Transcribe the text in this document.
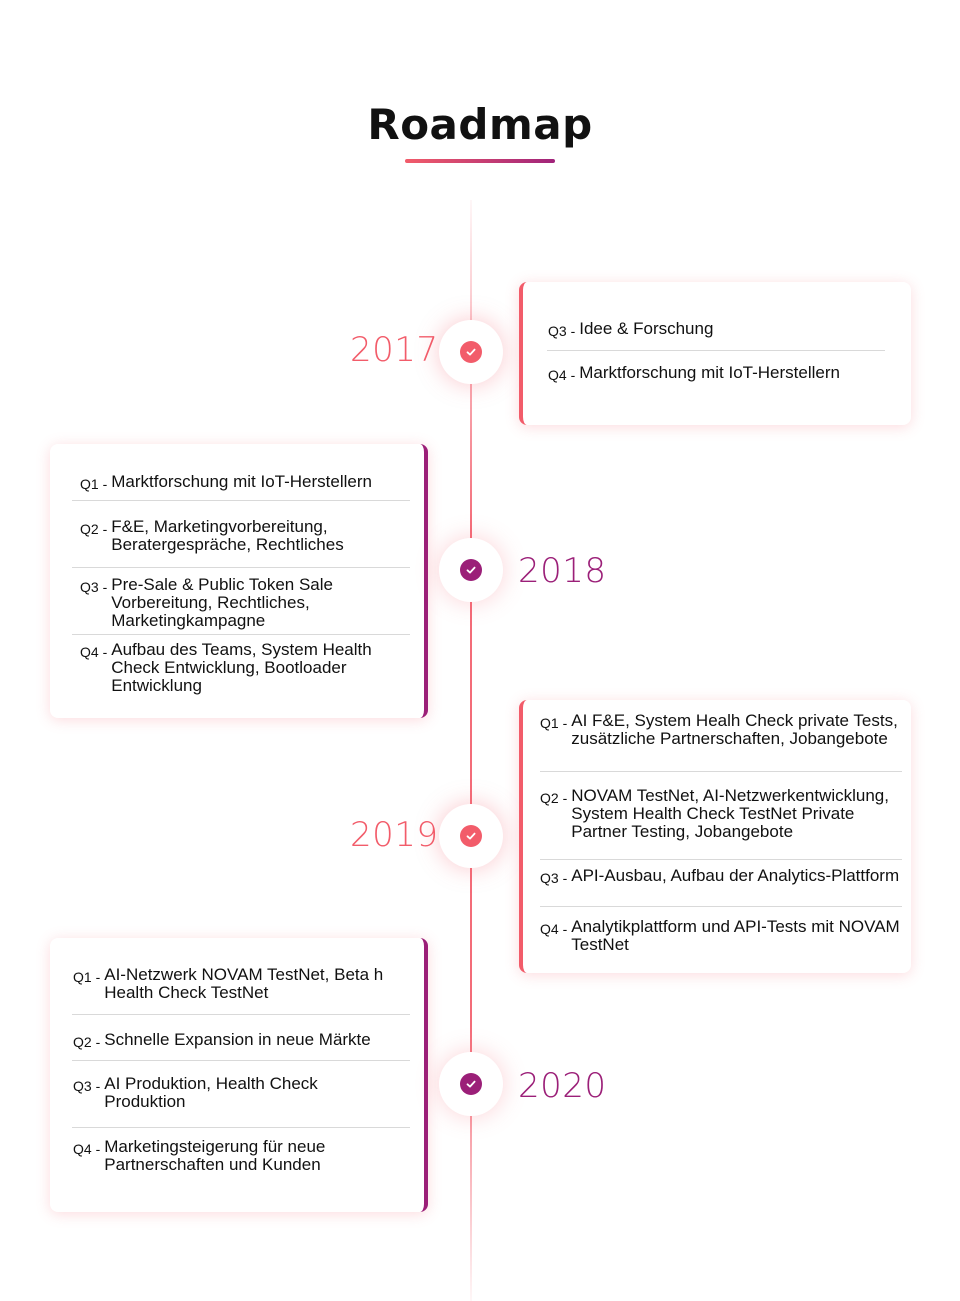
Roadmap
2017	Q3 - Idee & Forschung
Q4 - Marktforschung mit IoT-Herstellern
Q1 - Marktforschung mit IoT-Herstellern
Q2 - F&E, Marketingvorbereitung, Beratergespräche, Rechtliches
Q3 - Pre-Sale & Public Token Sale Vorbereitung, Rechtliches, Marketingkampagne
Q4 - Aufbau des Teams, System Health Check Entwicklung, Bootloader Entwicklung
2018
2019
Q1 - AI F&E, System Healh Check private Tests, zusätzliche Partnerschaften, Jobangebote
Q2 - NOVAM TestNet, AI-Netzwerkentwicklung, System Health Check TestNet Private Partner Testing, Jobangebote
Q3 - API-Ausbau, Aufbau der Analytics-Plattform
Q4 - Analytikplattform und API-Tests mit NOVAM TestNet
Q1 - AI-Netzwerk NOVAM TestNet, Beta h Health Check TestNet
Q2 - Schnelle Expansion in neue Märkte
Q3 - AI Produktion, Health Check Produktion
Q4 - Marketingsteigerung für neue Partnerschaften und Kunden
2020
